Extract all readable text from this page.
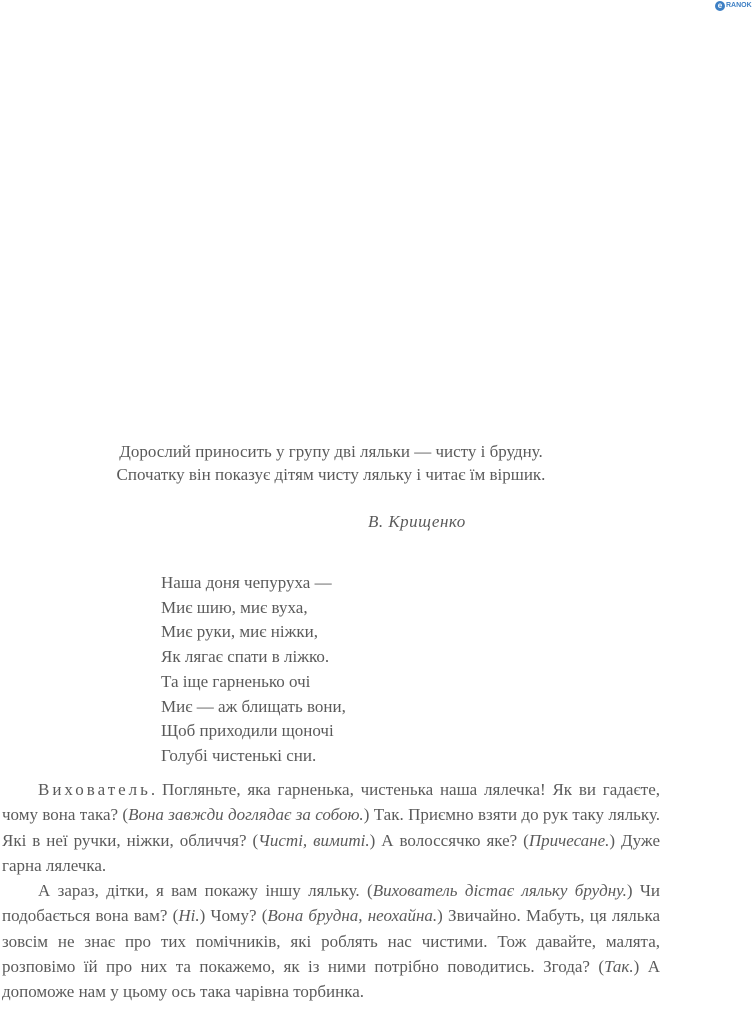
e RANOK
Дорослий приносить у групу дві ляльки — чисту і брудну.
Спочатку він показує дітям чисту ляльку і читає їм віршик.
В. Крищенко
Наша доня чепуруха —
Миє шию, миє вуха,
Миє руки, миє ніжки,
Як лягає спати в ліжко.
Та іще гарненько очі
Миє — аж блищать вони,
Щоб приходили щоночі
Голубі чистенькі сни.

Вихователь. Погляньте, яка гарненька, чистенька наша лялечка! Як ви гадаєте, чому вона така? (Вона завжди доглядає за собою.) Так. Приємно взяти до рук таку ляльку. Які в неї ручки, ніжки, обличчя? (Чисті, вимиті.) А волоссячко яке? (Причесане.) Дуже гарна лялечка.

А зараз, дітки, я вам покажу іншу ляльку. (Вихователь дістає ляльку брудну.) Чи подобається вона вам? (Ні.) Чому? (Вона брудна, неохайна.) Звичайно. Мабуть, ця лялька зовсім не знає про тих помічників, які роблять нас чистими. Тож давайте, малята, розповімо їй про них та покажемо, як із ними потрібно поводитись. Згода? (Так.) А допоможе нам у цьому ось така чарівна торбинка.
